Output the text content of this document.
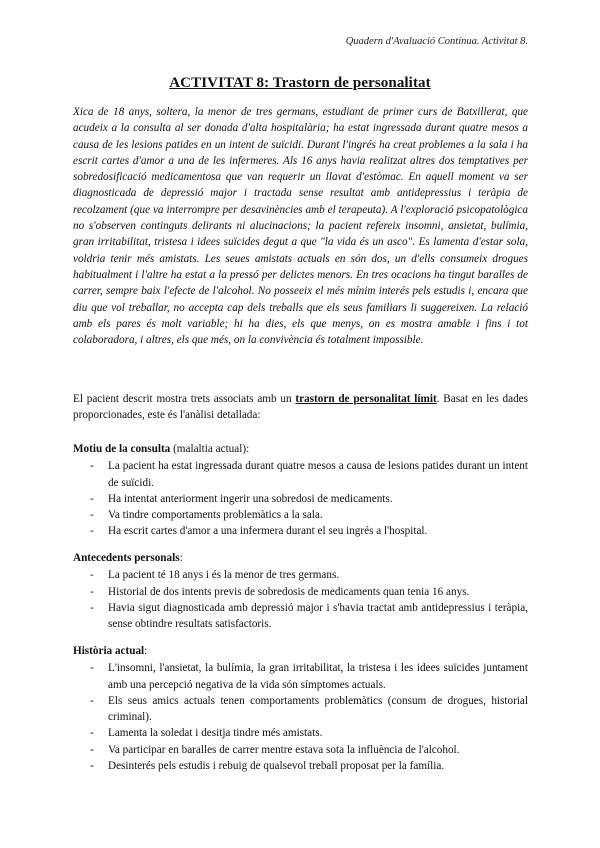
Quadern d'Avaluació Contínua. Activitat 8.
ACTIVITAT 8: Trastorn de personalitat

Xica de 18 anys, soltera, la menor de tres germans, estudiant de primer curs de Batxillerat, que acudeix a la consulta al ser donada d'alta hospitalària; ha estat ingressada durant quatre mesos a causa de les lesions patides en un intent de suïcidi. Durant l'ingrés ha creat problemes a la sala i ha escrit cartes d'amor a una de les infermeres. Als 16 anys havia realitzat altres dos temptatives per sobredosificació medicamentosa que van requerir un llavat d'estòmac. En aquell moment va ser diagnosticada de depressió major i tractada sense resultat amb antidepressius i teràpia de recolzament (que va interrompre per desavinències amb el terapeuta). A l'exploració psicopatològica no s'observen continguts delirants ni alucinacions; la pacient refereix insomni, ansietat, bulímia, gran irritabilitat, tristesa i idees suïcides degut a que "la vida és un asco". Es lamenta d'estar sola, voldria tenir més amistats. Les seues amistats actuals en són dos, un d'ells consumeix drogues habitualment i l'altre ha estat a la pressó per delictes menors. En tres ocacions ha tingut baralles de carrer, sempre baix l'efecte de l'alcohol. No posseeix el més mínim interés pels estudis i, encara que diu que vol treballar, no accepta cap dels treballs que els seus familiars li suggereixen. La relació amb els pares és molt variable; hi ha dies, els que menys, on es mostra amable i fins i tot colaboradora, i altres, els que més, on la convivència és totalment impossible.

El pacient descrit mostra trets associats amb un trastorn de personalitat límit. Basat en les dades proporcionades, este és l'anàlisi detallada:

Motiu de la consulta (malaltia actual):
- La pacient ha estat ingressada durant quatre mesos a causa de lesions patides durant un intent de suïcidi.
- Ha intentat anteriorment ingerir una sobredosi de medicaments.
- Va tindre comportaments problemàtics a la sala.
- Ha escrit cartes d'amor a una infermera durant el seu ingrés a l'hospital.
Antecedents personals:
- La pacient té 18 anys i és la menor de tres germans.
- Historial de dos intents previs de sobredosis de medicaments quan tenia 16 anys.
- Havia sigut diagnosticada amb depressió major i s'havia tractat amb antidepressius i teràpia, sense obtindre resultats satisfactoris.
Història actual:
- L'insomni, l'ansietat, la bulímia, la gran irritabilitat, la tristesa i les idees suïcides juntament amb una percepció negativa de la vida són símptomes actuals.
- Els seus amics actuals tenen comportaments problemàtics (consum de drogues, historial criminal).
- Lamenta la soledat i desitja tindre més amistats.
- Va participar en baralles de carrer mentre estava sota la influència de l'alcohol.
- Desinterés pels estudis i rebuig de qualsevol treball proposat per la família.
